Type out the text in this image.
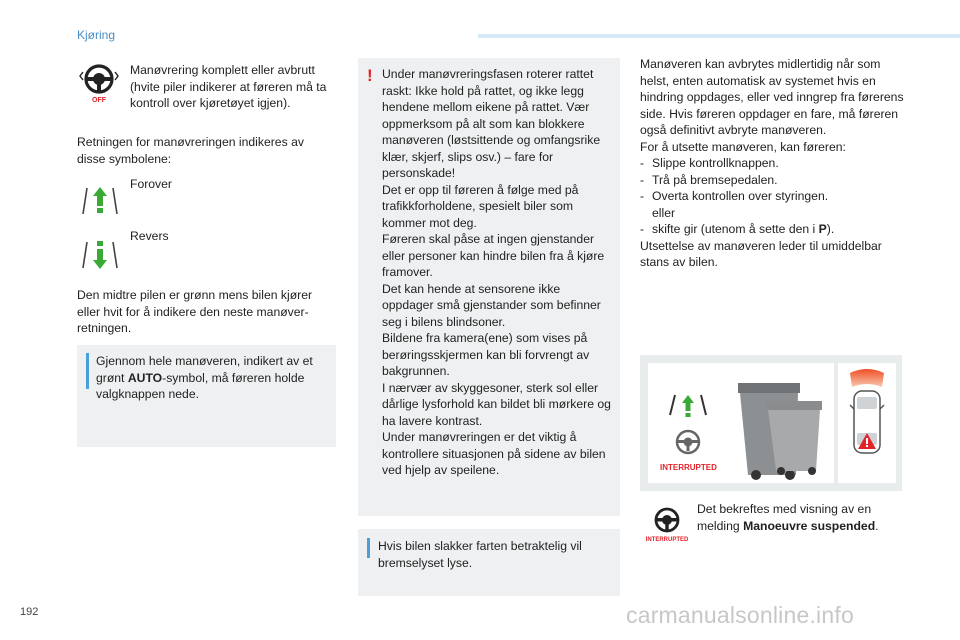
Kjøring
OFF
Manøvrering komplett eller avbrutt (hvite piler indikerer at føreren må ta kontroll over kjøretøyet igjen).
Retningen for manøvreringen indikeres av disse symbolene:
Forover
Revers
Den midtre pilen er grønn mens bilen kjører eller hvit for å indikere den neste manøver-retningen.
Gjennom hele manøveren, indikert av et grønt AUTO-symbol, må føreren holde valgknappen nede.
! Under manøvreringsfasen roterer rattet raskt: Ikke hold på rattet, og ikke legg hendene mellom eikene på rattet. Vær oppmerksom på alt som kan blokkere manøveren (løstsittende og omfangsrike klær, skjerf, slips osv.) – fare for personskade!
Det er opp til føreren å følge med på trafikkforholdene, spesielt biler som kommer mot deg.
Føreren skal påse at ingen gjenstander eller personer kan hindre bilen fra å kjøre framover.
Det kan hende at sensorene ikke oppdager små gjenstander som befinner seg i bilens blindsoner.
Bildene fra kamera(ene) som vises på berøringsskjermen kan bli forvrengt av bakgrunnen.
I nærvær av skyggesoner, sterk sol eller dårlige lysforhold kan bildet bli mørkere og ha lavere kontrast.
Under manøvreringen er det viktig å kontrollere situasjonen på sidene av bilen ved hjelp av speilene.
Hvis bilen slakker farten betraktelig vil bremselyset lyse.
Manøveren kan avbrytes midlertidig når som helst, enten automatisk av systemet hvis en hindring oppdages, eller ved inngrep fra førerens side. Hvis føreren oppdager en fare, må føreren også definitivt avbryte manøveren.
For å utsette manøveren, kan føreren:
- Slippe kontrollknappen.
- Trå på bremsepedalen.
- Overta kontrollen over styringen.
eller
- skifte gir (utenom å sette den i P).
Utsettelse av manøveren leder til umiddelbar stans av bilen.
INTERRUPTED
INTERRUPTED
Det bekreftes med visning av en melding Manoeuvre suspended.
192	carmanualsonline.info
